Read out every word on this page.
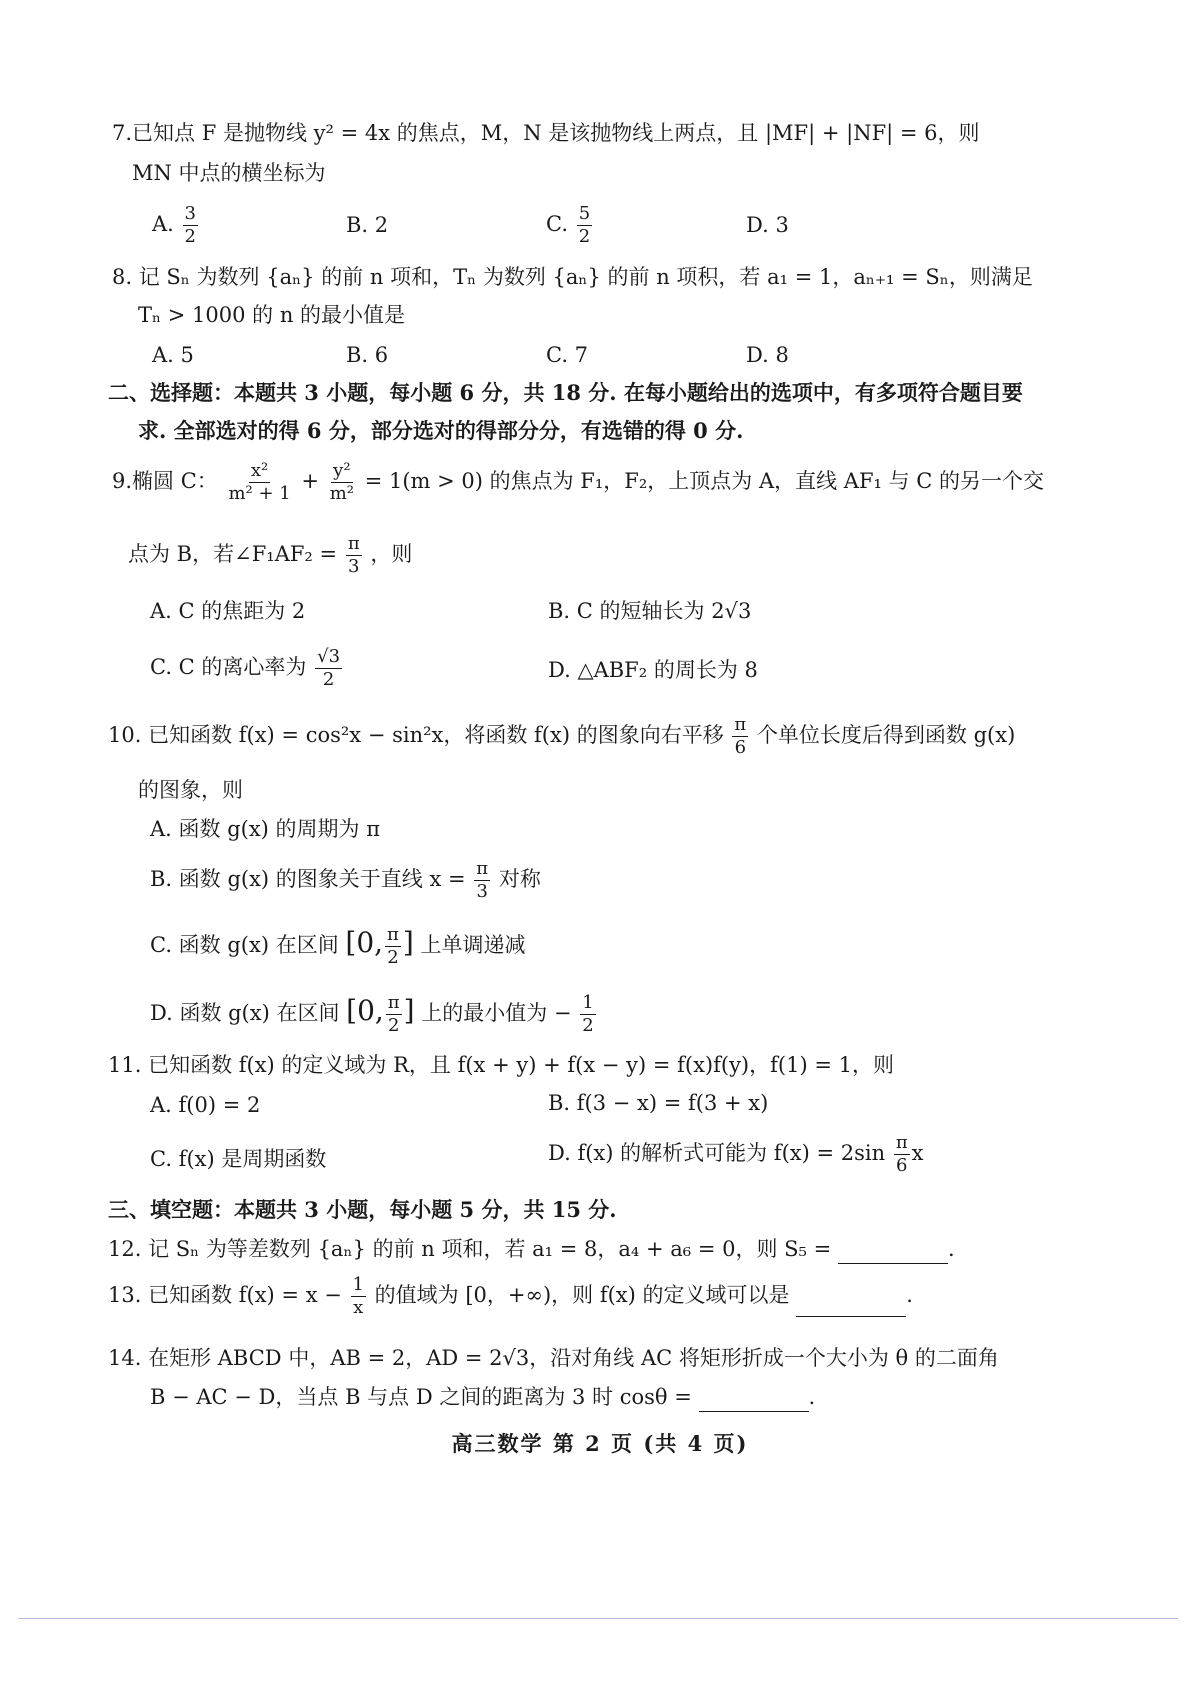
7.已知点 F 是抛物线 y² = 4x 的焦点，M，N 是该抛物线上两点，且 |MF| + |NF| = 6，则
MN 中点的横坐标为
A. $\frac{3}{2}$	B. 2	C. $\frac{5}{2}$	D. 3
8. 记 Sₙ 为数列 {aₙ} 的前 n 项和，Tₙ 为数列 {aₙ} 的前 n 项积，若 a₁ = 1，aₙ₊₁ = Sₙ，则满足
Tₙ > 1000 的 n 的最小值是
A. 5	B. 6	C. 7	D. 8
二、选择题：本题共 3 小题，每小题 6 分，共 18 分. 在每小题给出的选项中，有多项符合题目要
求. 全部选对的得 6 分，部分选对的得部分分，有选错的得 0 分.
9.椭圆 C： $\frac{\text{x²}}{\text{m² + 1}} + \frac{\text{y²}}{\text{m²}} = 1(m > 0)$ 的焦点为 F₁，F₂，上顶点为 A，直线 AF₁ 与 C 的另一个交
点为 B，若∠F₁AF₂ = $\frac{\pi}{3}$ ，则
A. C 的焦距为 2	B. C 的短轴长为 2√3
C. C 的离心率为 $\frac{√3}{2}$	D. △ABF₂ 的周长为 8
10. 已知函数 f(x) = cos²x − sin²x，将函数 f(x) 的图象向右平移 $\frac{\pi}{6}$ 个单位长度后得到函数 g(x)
的图象，则
A. 函数 g(x) 的周期为 π
B. 函数 g(x) 的图象关于直线 $x = \frac{\pi}{3}$ 对称
C. 函数 g(x) 在区间 [0, $\frac{\pi}{2}$ ] 上单调递减
D. 函数 g(x) 在区间 [0, $\frac{\pi}{2}$ ] 上的最小值为 − $\frac{1}{2}$
11. 已知函数 f(x) 的定义域为 R，且 f(x + y) + f(x − y) = f(x)f(y)，f(1) = 1，则
A. f(0) = 2	B. f(3 − x) = f(3 + x)
C. f(x) 是周期函数	D. f(x) 的解析式可能为 $f(x) = 2\sin \frac{\pi}{6}$ x
三、填空题：本题共 3 小题，每小题 5 分，共 15 分.
12. 记 Sₙ 为等差数列 {aₙ} 的前 n 项和，若 a₁ = 8，a₄ + a₆ = 0，则 S₅ =	.
13. 已知函数 $f(x) = x - \frac{1}{x}$ 的值域为 [0，+∞)，则 f(x) 的定义域可以是	.
14. 在矩形 ABCD 中，AB = 2，AD = 2√3，沿对角线 AC 将矩形折成一个大小为 θ 的二面角
B − AC − D，当点 B 与点 D 之间的距离为 3 时 cosθ =	.
高三数学 第 2 页 (共 4 页)
